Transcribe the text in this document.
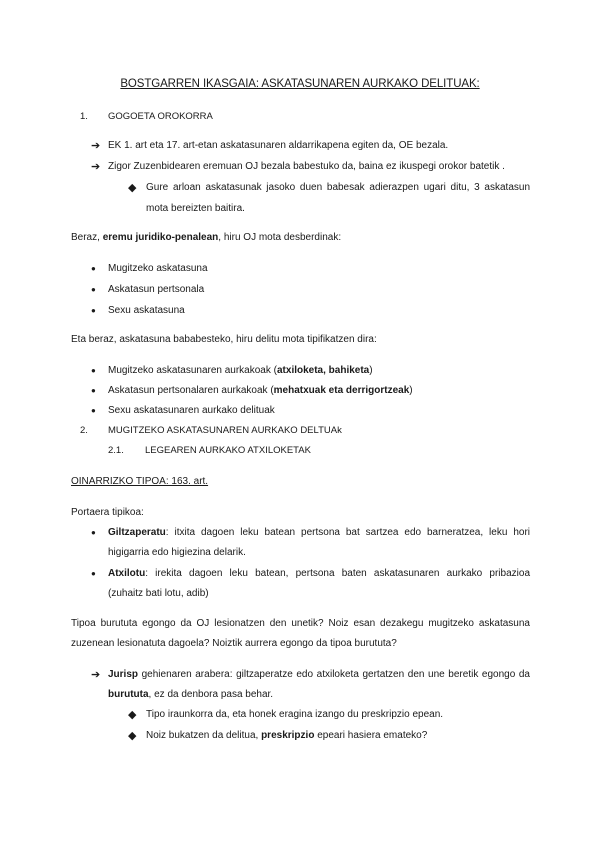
BOSTGARREN IKASGAIA: ASKATASUNAREN AURKAKO DELITUAK:
1. GOGOETA OROKORRA
➔ EK 1. art eta 17. art-etan askatasunaren aldarrikapena egiten da, OE bezala.
➔ Zigor Zuzenbidearen eremuan OJ bezala babestuko da, baina ez ikuspegi orokor batetik .
◆ Gure arloan askatasunak jasoko duen babesak adierazpen ugari ditu, 3 askatasun
mota bereizten baitira.
Beraz, eremu juridiko-penalean, hiru OJ mota desberdinak:
● Mugitzeko askatasuna
● Askatasun pertsonala
● Sexu askatasuna
Eta beraz, askatasuna bababesteko, hiru delitu mota tipifikatzen dira:
● Mugitzeko askatasunaren aurkakoak (atxiloketa, bahiketa)
● Askatasun pertsonalaren aurkakoak (mehatxuak eta derrigortzeak)
● Sexu askatasunaren aurkako delituak
2. MUGITZEKO ASKATASUNAREN AURKAKO DELTUAk
2.1. LEGEAREN AURKAKO ATXILOKETAK
OINARRIZKO TIPOA: 163. art.
Portaera tipikoa:
● Giltzaperatu: itxita dagoen leku batean pertsona bat sartzea edo barneratzea, leku hori
higigarria edo higiezina delarik.
● Atxilotu: irekita dagoen leku batean, pertsona baten askatasunaren aurkako pribazioa
(zuhaitz bati lotu, adib)
Tipoa burututa egongo da OJ lesionatzen den unetik? Noiz esan dezakegu mugitzeko askatasuna
zuzenean lesionatuta dagoela? Noiztik aurrera egongo da tipoa burututa?
➔ Jurisp gehienaren arabera: giltzaperatze edo atxiloketa gertatzen den une beretik egongo da
burututa, ez da denbora pasa behar.
◆ Tipo iraunkorra da, eta honek eragina izango du preskripzio epean.
◆ Noiz bukatzen da delitua, preskripzio epeari hasiera emateko?
